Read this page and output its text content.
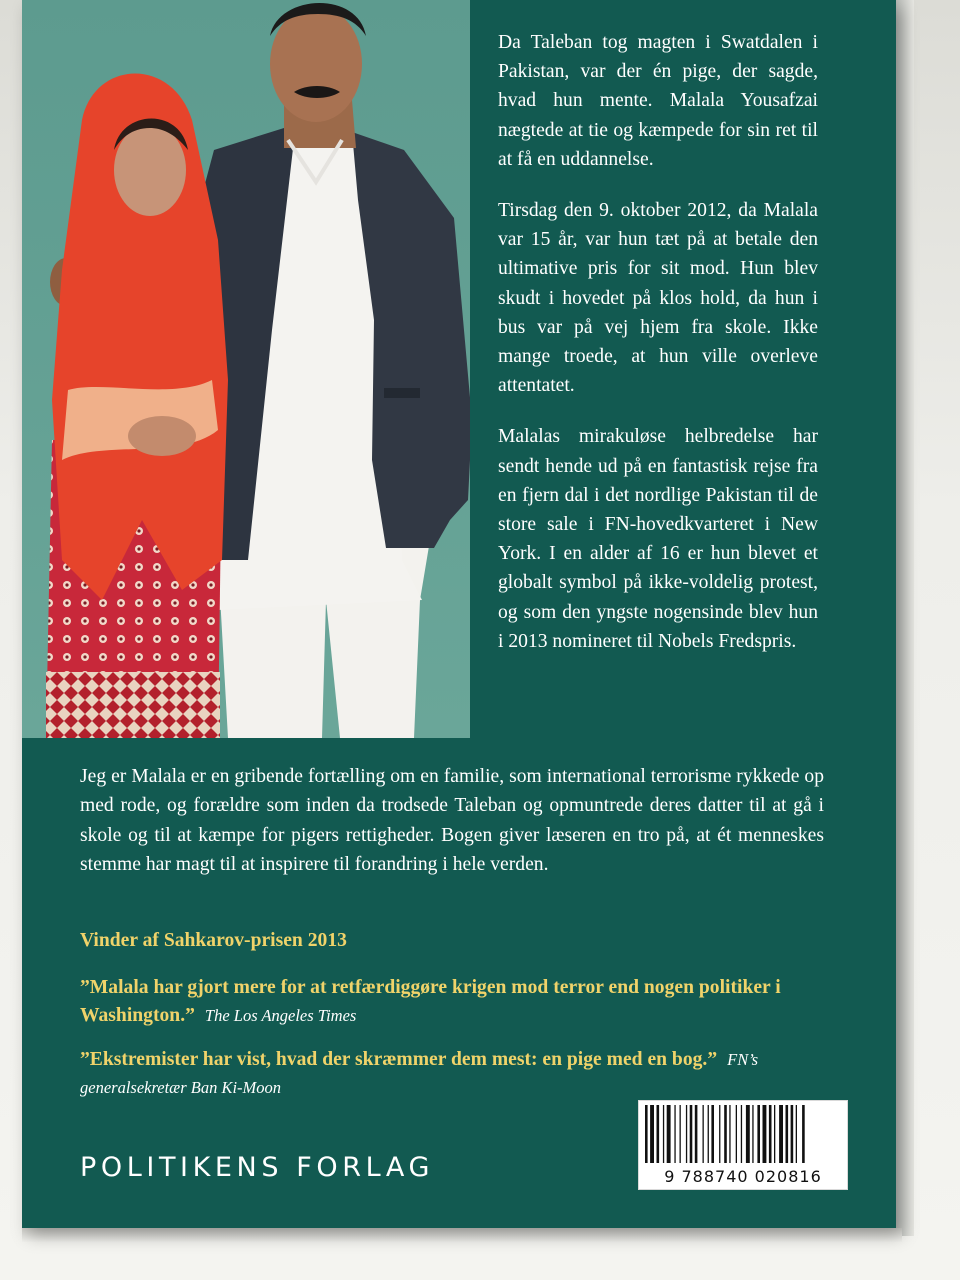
Da Taleban tog magten i Swatdalen i Pakistan, var der én pige, der sagde, hvad hun mente. Malala Yousafzai nægtede at tie og kæmpede for sin ret til at få en uddannelse.

Tirsdag den 9. oktober 2012, da Malala var 15 år, var hun tæt på at betale den ultimative pris for sit mod. Hun blev skudt i hovedet på klos hold, da hun i bus var på vej hjem fra skole. Ikke mange troede, at hun ville overleve attentatet.

Malalas mirakuløse helbredelse har sendt hende ud på en fantastisk rejse fra en fjern dal i det nordlige Pakistan til de store sale i FN-hovedkvarteret i New York. I en alder af 16 er hun blevet et globalt symbol på ikke-voldelig protest, og som den yngste nogensinde blev hun i 2013 nomineret til Nobels Fredspris.

Jeg er Malala er en gribende fortælling om en familie, som international terrorisme rykkede op med rode, og forældre som inden da trodsede Taleban og opmuntrede deres datter til at gå i skole og til at kæmpe for pigers rettigheder. Bogen giver læseren en tro på, at ét menneskes stemme har magt til at inspirere til forandring i hele verden.

Vinder af Sahkarov-prisen 2013

”Malala har gjort mere for at retfærdiggøre krigen mod terror end nogen politiker i Washington.” The Los Angeles Times

”Ekstremister har vist, hvad der skræmmer dem mest: en pige med en bog.” FN’s generalsekretær Ban Ki-Moon

POLITIKENS FORLAG	9 788740 020816
